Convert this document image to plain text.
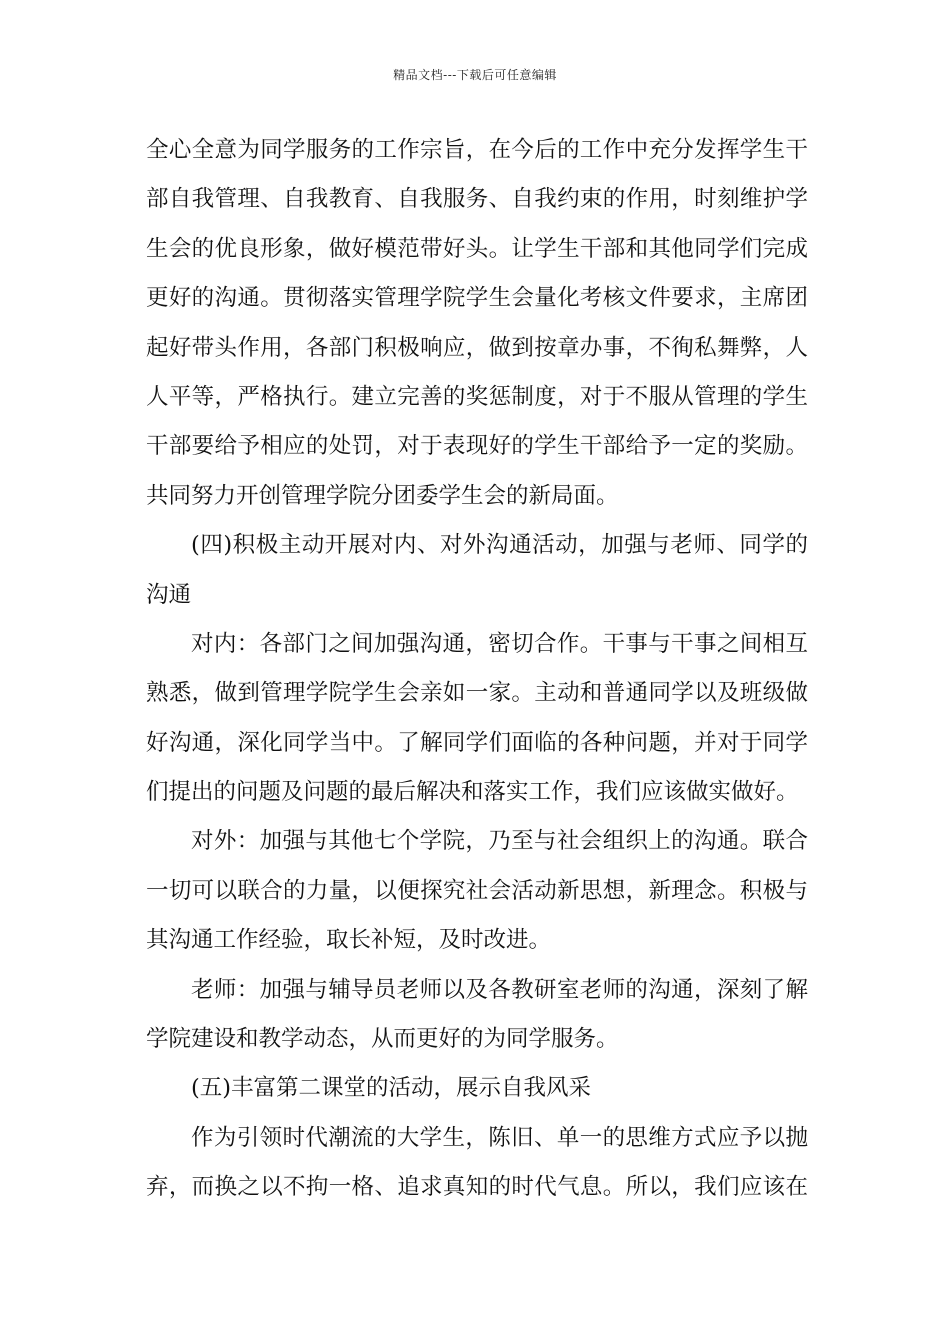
精品文档---下载后可任意编辑
全心全意为同学服务的工作宗旨，在今后的工作中充分发挥学生干
部自我管理、自我教育、自我服务、自我约束的作用，时刻维护学
生会的优良形象，做好模范带好头。让学生干部和其他同学们完成
更好的沟通。贯彻落实管理学院学生会量化考核文件要求，主席团
起好带头作用，各部门积极响应，做到按章办事，不徇私舞弊，人
人平等，严格执行。建立完善的奖惩制度，对于不服从管理的学生
干部要给予相应的处罚，对于表现好的学生干部给予一定的奖励。
共同努力开创管理学院分团委学生会的新局面。
(四)积极主动开展对内、对外沟通活动，加强与老师、同学的
沟通
对内：各部门之间加强沟通，密切合作。干事与干事之间相互
熟悉，做到管理学院学生会亲如一家。主动和普通同学以及班级做
好沟通，深化同学当中。了解同学们面临的各种问题，并对于同学
们提出的问题及问题的最后解决和落实工作，我们应该做实做好。
对外：加强与其他七个学院，乃至与社会组织上的沟通。联合
一切可以联合的力量，以便探究社会活动新思想，新理念。积极与
其沟通工作经验，取长补短，及时改进。
老师：加强与辅导员老师以及各教研室老师的沟通，深刻了解
学院建设和教学动态，从而更好的为同学服务。
(五)丰富第二课堂的活动，展示自我风采
作为引领时代潮流的大学生，陈旧、单一的思维方式应予以抛
弃，而换之以不拘一格、追求真知的时代气息。所以，我们应该在
